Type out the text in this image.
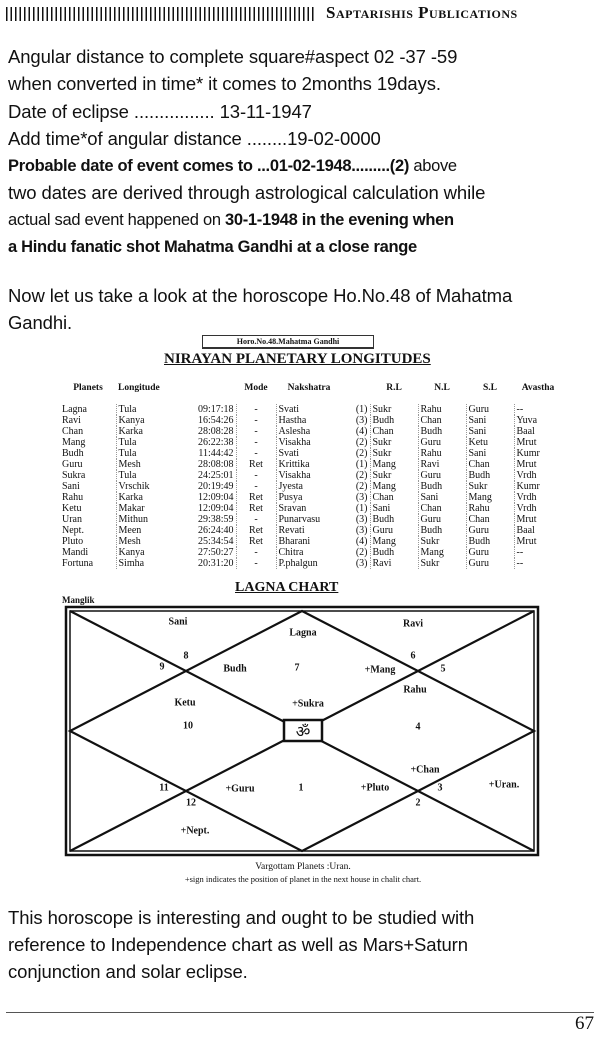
Saptarishis Publications
Angular distance to complete square#aspect 02 -37 -59
when converted in time* it comes to 2months 19days.
Date of eclipse ................ 13-11-1947
Add time*of angular distance ........19-02-0000
Probable date of event comes to ...01-02-1948.........(2) above
two dates are derived through astrological calculation while
actual sad event happened on 30-1-1948 in the evening when
a Hindu fanatic shot Mahatma Gandhi at a close range
Now let us take a look at the horoscope Ho.No.48 of Mahatma
Gandhi.
Horo.No.48.Mahatma Gandhi
NIRAYAN PLANETARY LONGITUDES
Planets	Longitude		Mode	Nakshatra		R.L	N.L	S.L	Avastha
Lagna	Tula	09:17:18	-	Svati	(1)	Sukr	Rahu	Guru	--
Ravi	Kanya	16:54:26	-	Hastha	(3)	Budh	Chan	Sani	Yuva
Chan	Karka	28:08:28	-	Aslesha	(4)	Chan	Budh	Sani	Baal
Mang	Tula	26:22:38	-	Visakha	(2)	Sukr	Guru	Ketu	Mrut
Budh	Tula	11:44:42	-	Svati	(2)	Sukr	Rahu	Sani	Kumr
Guru	Mesh	28:08:08	Ret	Krittika	(1)	Mang	Ravi	Chan	Mrut
Sukra	Tula	24:25:01	-	Visakha	(2)	Sukr	Guru	Budh	Vrdh
Sani	Vrschik	20:19:49	-	Jyesta	(2)	Mang	Budh	Sukr	Kumr
Rahu	Karka	12:09:04	Ret	Pusya	(3)	Chan	Sani	Mang	Vrdh
Ketu	Makar	12:09:04	Ret	Sravan	(1)	Sani	Chan	Rahu	Vrdh
Uran	Mithun	29:38:59	-	Punarvasu	(3)	Budh	Guru	Chan	Mrut
Nept.	Meen	26:24:40	Ret	Revati	(3)	Guru	Budh	Guru	Baal
Pluto	Mesh	25:34:54	Ret	Bharani	(4)	Mang	Sukr	Budh	Mrut
Mandi	Kanya	27:50:27	-	Chitra	(2)	Budh	Mang	Guru	--
Fortuna	Simha	20:31:20	-	P.phalgun	(3)	Ravi	Sukr	Guru	--
LAGNA CHART
Manglik
ॐ
Sani
Lagna
Ravi
8
9	Budh	7	+Mang
6
5
Rahu
Ketu	+Sukra
10	4
+Chan
11	+Guru	1	+Pluto	3	+Uran.
12	2
+Nept.
Vargottam Planets :Uran.
+sign indicates the position of planet in the next house in chalit chart.
This horoscope is interesting and ought to be studied with
reference to Independence chart as well as Mars+Saturn
conjunction and solar eclipse.
67
